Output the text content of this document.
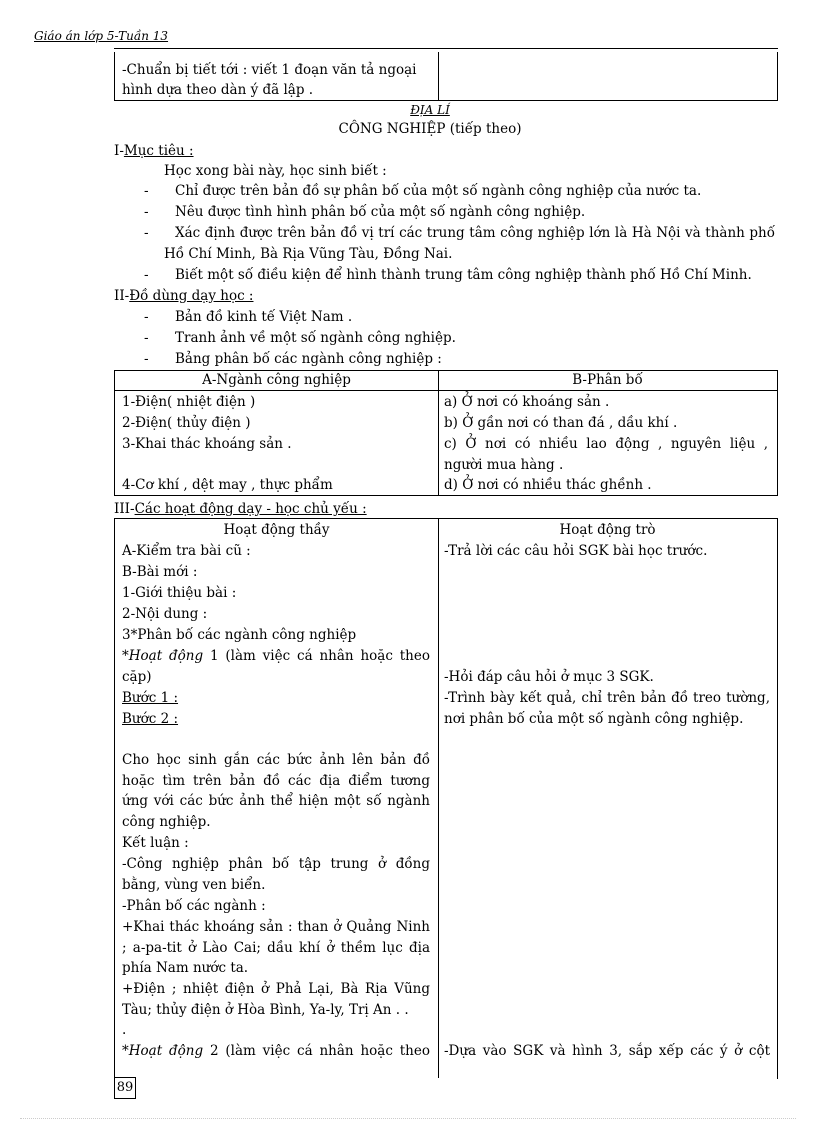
Giáo án lớp 5-Tuần 13
-Chuẩn bị tiết tới : viết 1 đoạn văn tả ngoại
hình dựa theo dàn ý đã lập .
ĐỊA LÍ
CÔNG NGHIỆP (tiếp theo)
I-Mục tiêu :
Học xong bài này, học sinh biết :
- Chỉ được trên bản đồ sự phân bố của một số ngành công nghiệp của nước ta.
- Nêu được tình hình phân bố của một số ngành công nghiệp.
- Xác định được trên bản đồ vị trí các trung tâm công nghiệp lớn là Hà Nội và thành phố
Hồ Chí Minh, Bà Rịa Vũng Tàu, Đồng Nai.
- Biết một số điều kiện để hình thành trung tâm công nghiệp thành phố Hồ Chí Minh.
II-Đồ dùng dạy học :
- Bản đồ kinh tế Việt Nam .
- Tranh ảnh về một số ngành công nghiệp.
- Bảng phân bố các ngành công nghiệp :
A-Ngành công nghiệp	B-Phân bố
1-Điện( nhiệt điện )
2-Điện( thủy điện )
3-Khai thác khoáng sản .
4-Cơ khí , dệt may , thực phẩm
a) Ở nơi có khoáng sản .
b) Ở gần nơi có than đá , dầu khí .
c) Ở nơi có nhiều lao động , nguyên liệu ,
người mua hàng .
d) Ở nơi có nhiều thác ghềnh .
III-Các hoạt động dạy - học chủ yếu :
Hoạt động thầy	Hoạt động trò
A-Kiểm tra bài cũ :
B-Bài mới :
1-Giới thiệu bài :
2-Nội dung :
3*Phân bố các ngành công nghiệp
*Hoạt động 1 (làm việc cá nhân hoặc theo
cặp)
Bước 1 :
Bước 2 :
Cho học sinh gắn các bức ảnh lên bản đồ hoặc tìm trên bản đồ các địa điểm tương ứng với các bức ảnh thể hiện một số ngành công nghiệp.
Kết luận :
-Công nghiệp phân bố tập trung ở đồng bằng, vùng ven biển.
-Phân bố các ngành :
+Khai thác khoáng sản : than ở Quảng Ninh ; a-pa-tit ở Lào Cai; dầu khí ở thềm lục địa phía Nam nước ta.
+Điện ; nhiệt điện ở Phả Lại, Bà Rịa Vũng Tàu; thủy điện ở Hòa Bình, Ya-ly, Trị An . .
.
*Hoạt động 2 (làm việc cá nhân hoặc theo
-Trả lời các câu hỏi SGK bài học trước.
-Hỏi đáp câu hỏi ở mục 3 SGK.
-Trình bày kết quả, chỉ trên bản đồ treo tường, nơi phân bố của một số ngành công nghiệp.
-Dựa vào SGK và hình 3, sắp xếp các ý ở cột
89
